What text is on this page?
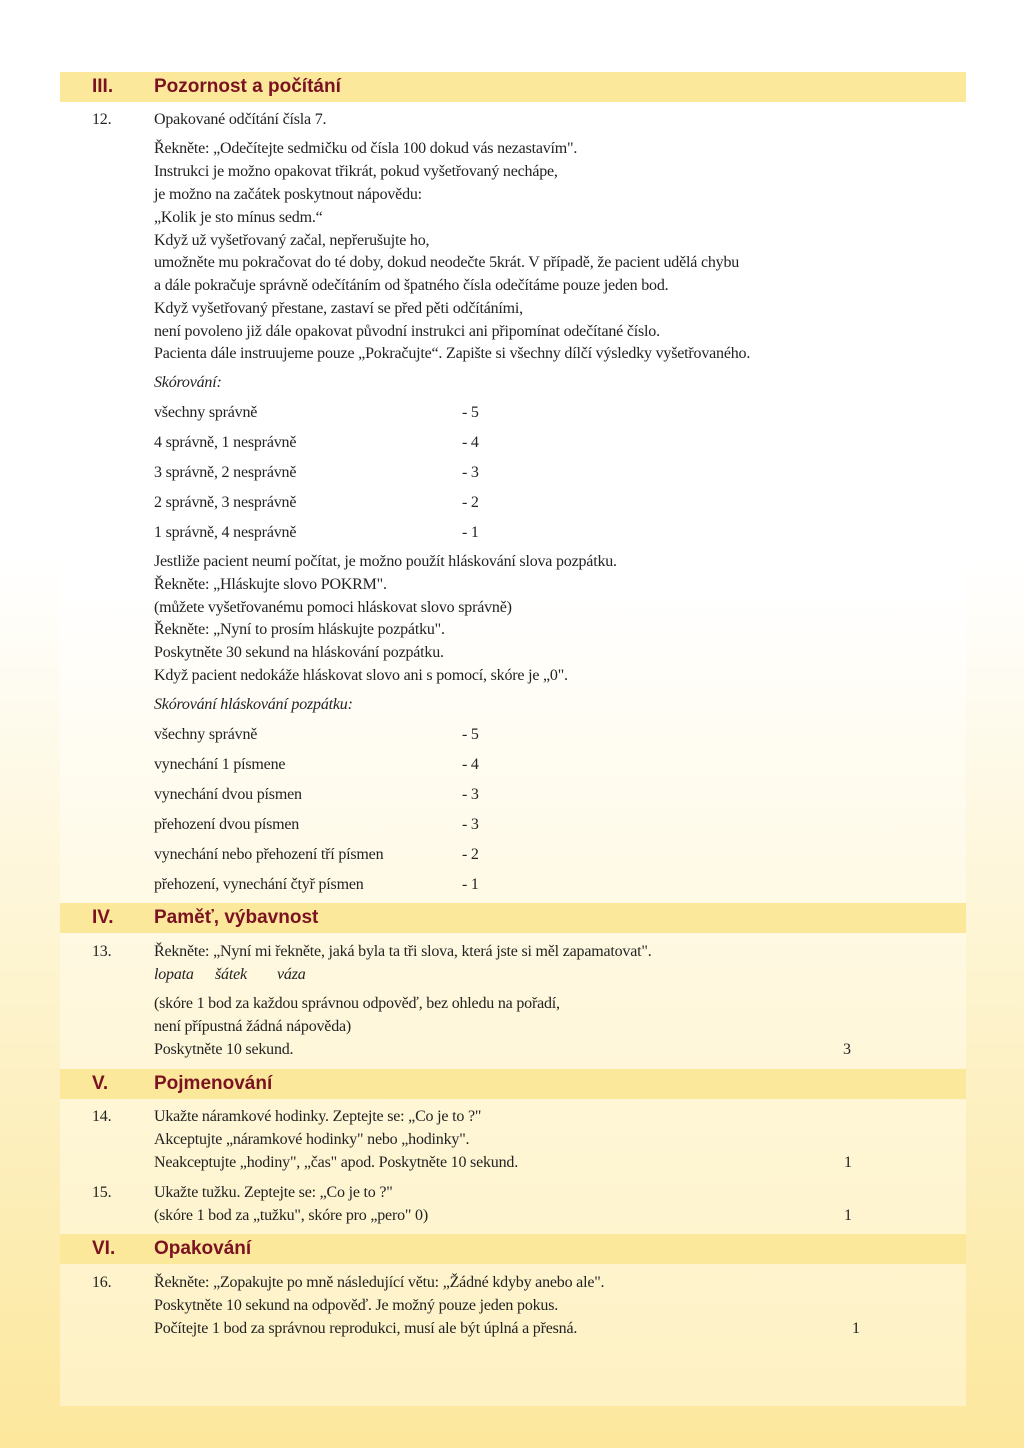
III. Pozornost a počítání
12.	Opakované odčítání čísla 7.
Řekněte: „Odečítejte sedmičku od čísla 100 dokud vás nezastavím".
Instrukci je možno opakovat třikrát, pokud vyšetřovaný nechápe,
je možno na začátek poskytnout nápovědu:
„Kolik je sto mínus sedm.“
Když už vyšetřovaný začal, nepřerušujte ho,
umožněte mu pokračovat do té doby, dokud neodečte 5krát. V případě, že pacient udělá chybu
a dále pokračuje správně odečítáním od špatného čísla odečítáme pouze jeden bod.
Když vyšetřovaný přestane, zastaví se před pěti odčítáními,
není povoleno již dále opakovat původní instrukci ani připomínat odečítané číslo.
Pacienta dále instruujeme pouze „Pokračujte“. Zapište si všechny dílčí výsledky vyšetřovaného.
Skórování:
všechny správně	- 5
4 správně, 1 nesprávně	- 4
3 správně, 2 nesprávně	- 3
2 správně, 3 nesprávně	- 2
1 správně, 4 nesprávně	- 1
Jestliže pacient neumí počítat, je možno použít hláskování slova pozpátku.
Řekněte: „Hláskujte slovo POKRM".
(můžete vyšetřovanému pomoci hláskovat slovo správně)
Řekněte: „Nyní to prosím hláskujte pozpátku".
Poskytněte 30 sekund na hláskování pozpátku.
Když pacient nedokáže hláskovat slovo ani s pomocí, skóre je „0".
Skórování hláskování pozpátku:
všechny správně	- 5
vynechání 1 písmene	- 4
vynechání dvou písmen	- 3
přehození dvou písmen	- 3
vynechání nebo přehození tří písmen	- 2
přehození, vynechání čtyř písmen	- 1
IV. Paměť, výbavnost
13.	Řekněte: „Nyní mi řekněte, jaká byla ta tři slova, která jste si měl zapamatovat".
lopata šátek váza
(skóre 1 bod za každou správnou odpověď, bez ohledu na pořadí,
není přípustná žádná nápověda)
Poskytněte 10 sekund.	3
V. Pojmenování
14.	Ukažte náramkové hodinky. Zeptejte se: „Co je to ?"
Akceptujte „náramkové hodinky" nebo „hodinky".
Neakceptujte „hodiny", „čas" apod. Poskytněte 10 sekund.	1
15.	Ukažte tužku. Zeptejte se: „Co je to ?"
(skóre 1 bod za „tužku", skóre pro „pero" 0)	1
VI. Opakování
16.	Řekněte: „Zopakujte po mně následující větu: „Žádné kdyby anebo ale".
Poskytněte 10 sekund na odpověď. Je možný pouze jeden pokus.
Počítejte 1 bod za správnou reprodukci, musí ale být úplná a přesná.	1
